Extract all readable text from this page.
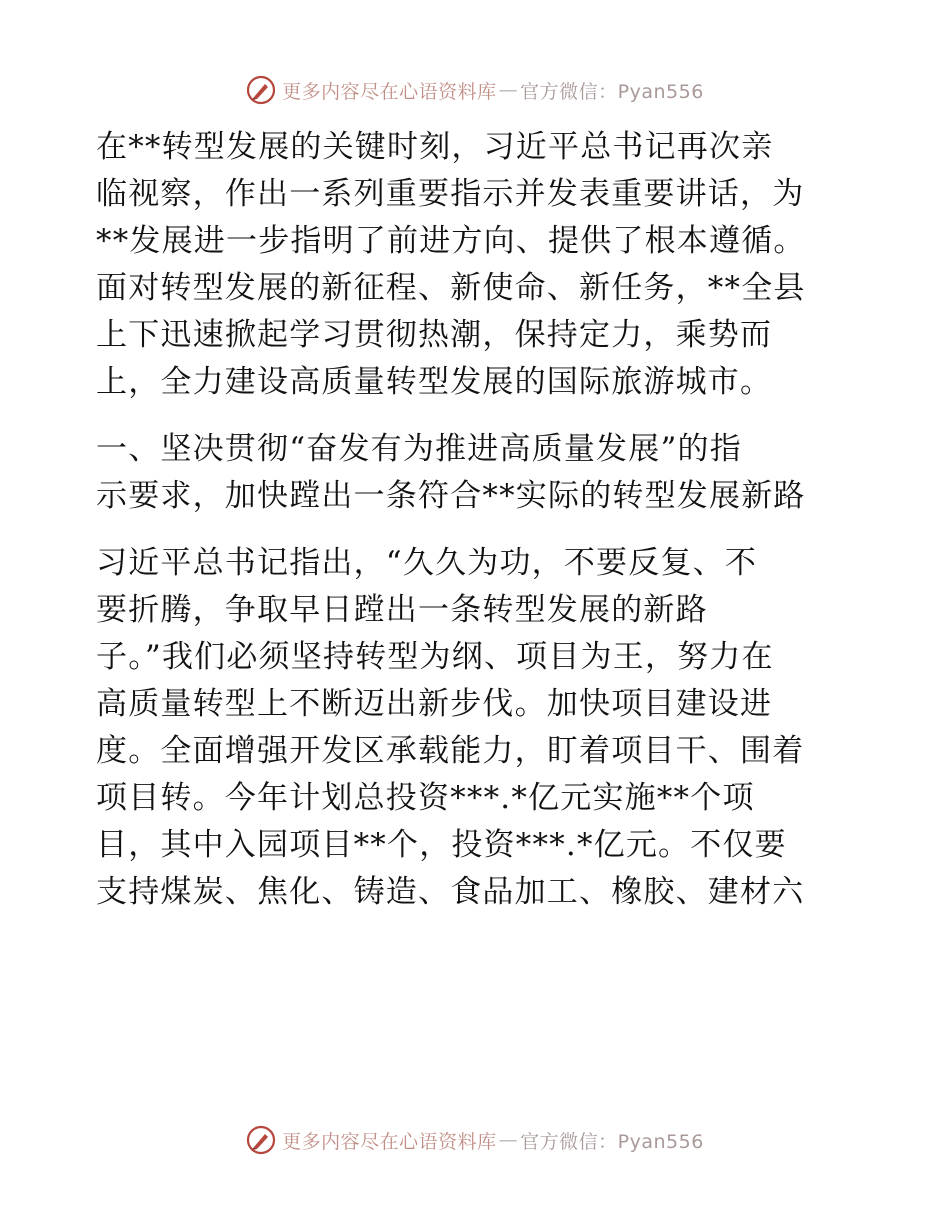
更多内容尽在心语资料库 — 官方微信：Pyan556
在**转型发展的关键时刻，习近平总书记再次亲
临视察，作出一系列重要指示并发表重要讲话，为
**发展进一步指明了前进方向、提供了根本遵循。
面对转型发展的新征程、新使命、新任务，**全县
上下迅速掀起学习贯彻热潮，保持定力，乘势而
上，全力建设高质量转型发展的国际旅游城市。
一、坚决贯彻“奋发有为推进高质量发展”的指
示要求，加快蹚出一条符合**实际的转型发展新路
习近平总书记指出，“久久为功，不要反复、不
要折腾，争取早日蹚出一条转型发展的新路
子。”我们必须坚持转型为纲、项目为王，努力在
高质量转型上不断迈出新步伐。加快项目建设进
度。全面增强开发区承载能力，盯着项目干、围着
项目转。今年计划总投资***.*亿元实施**个项
目，其中入园项目**个，投资***.*亿元。不仅要
支持煤炭、焦化、铸造、食品加工、橡胶、建材六
更多内容尽在心语资料库 — 官方微信：Pyan556
